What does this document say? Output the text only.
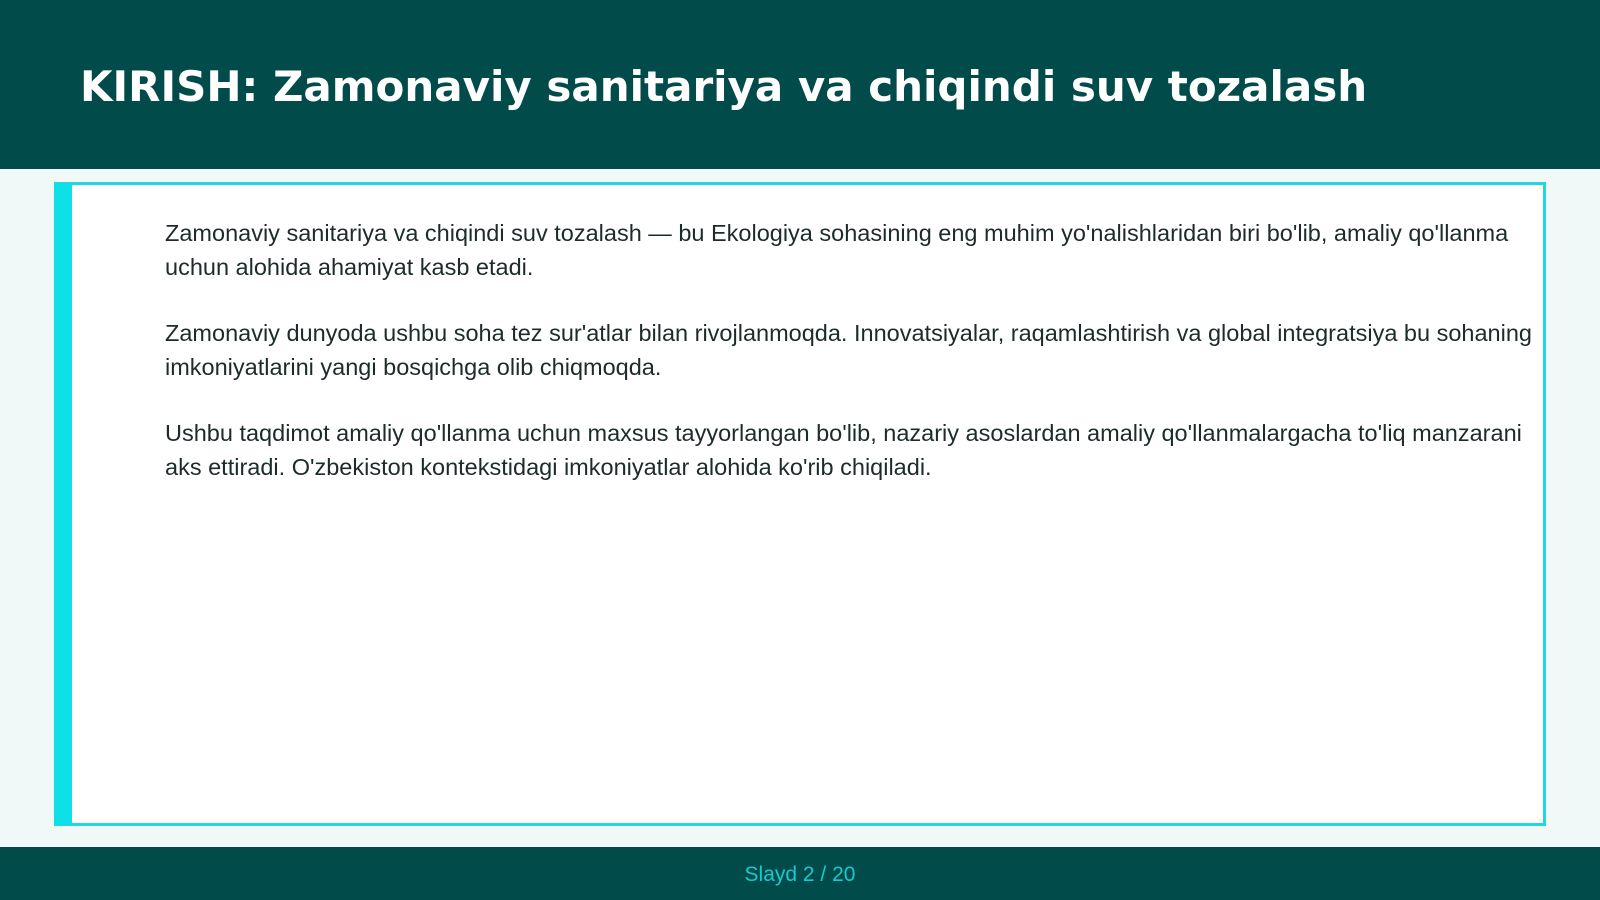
KIRISH: Zamonaviy sanitariya va chiqindi suv tozalash

Zamonaviy sanitariya va chiqindi suv tozalash — bu Ekologiya sohasining eng muhim yo'nalishlaridan biri bo'lib, amaliy qo'llanma uchun alohida ahamiyat kasb etadi.

Zamonaviy dunyoda ushbu soha tez sur'atlar bilan rivojlanmoqda. Innovatsiyalar, raqamlashtirish va global integratsiya bu sohaning imkoniyatlarini yangi bosqichga olib chiqmoqda.

Ushbu taqdimot amaliy qo'llanma uchun maxsus tayyorlangan bo'lib, nazariy asoslardan amaliy qo'llanmalargacha to'liq manzarani aks ettiradi. O'zbekiston kontekstidagi imkoniyatlar alohida ko'rib chiqiladi.

Slayd 2 / 20
